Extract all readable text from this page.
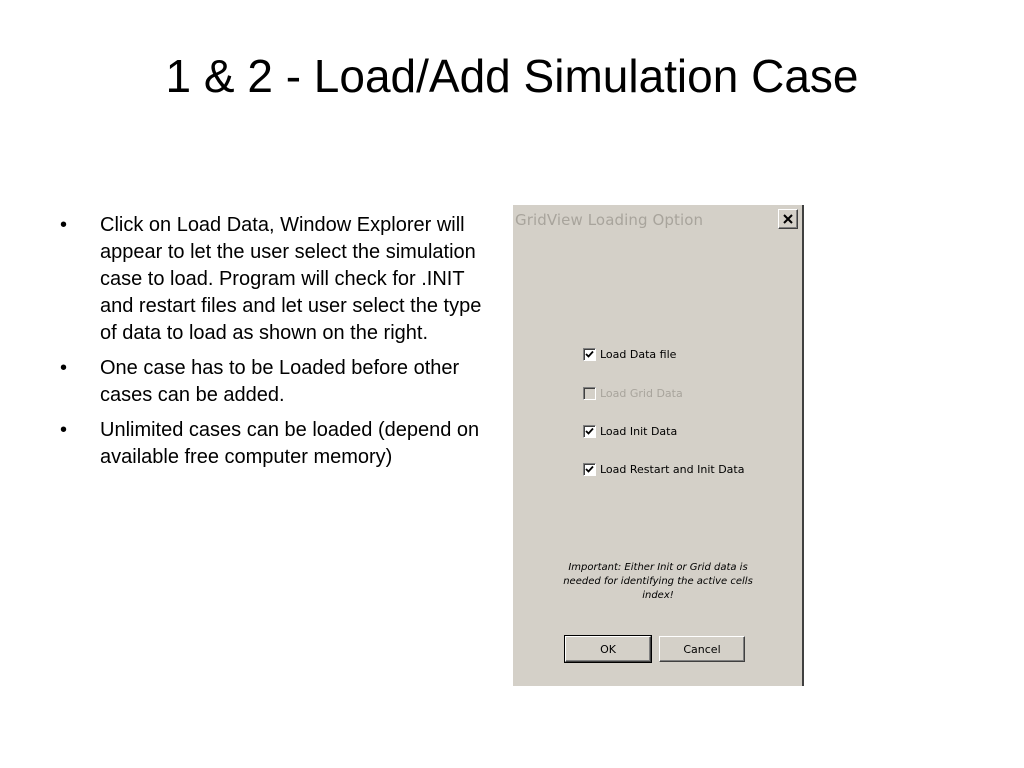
1 & 2 - Load/Add Simulation Case
•	Click on Load Data, Window Explorer will appear to let the user select the simulation case to load. Program will check for .INIT and restart files and let user select the type of data to load as shown on the right.
•	One case has to be Loaded before other cases can be added.
•	Unlimited cases can be loaded (depend on available free computer memory)
GridView Loading Option
Load Data file
Load Grid Data
Load Init Data
Load Restart and Init Data
Important: Either Init or Grid data is needed for identifying the active cells index!
OK	Cancel
